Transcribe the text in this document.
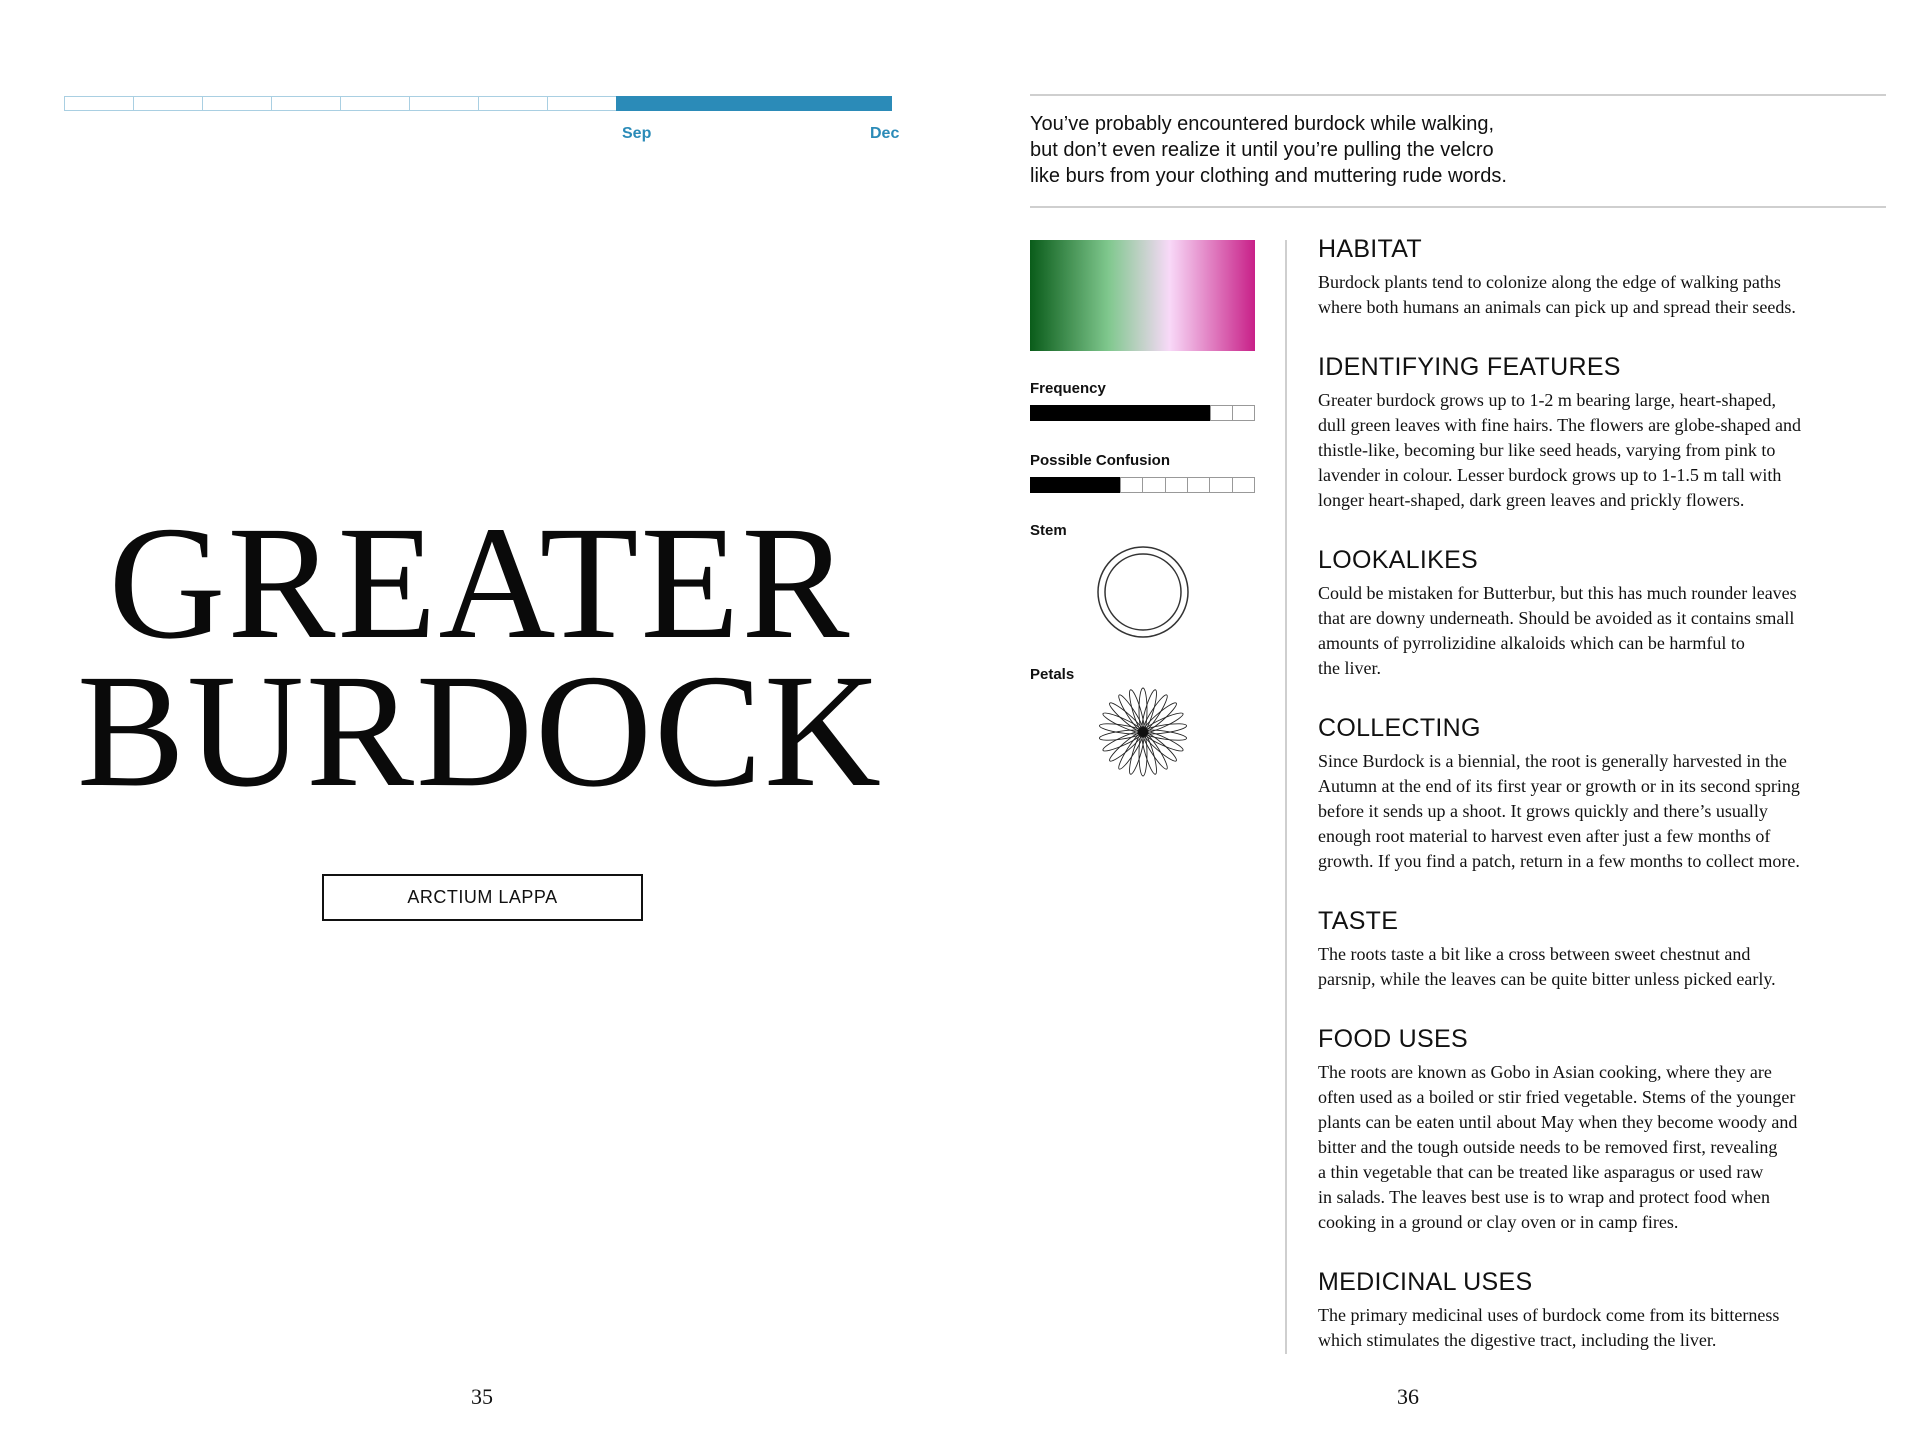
Sep	Dec
GREATER
BURDOCK
ARCTIUM LAPPA
35
You’ve probably encountered burdock while walking,
but don’t even realize it until you’re pulling the velcro
like burs from your clothing and muttering rude words.
Frequency
Possible Confusion
Stem
Petals
HABITAT

Burdock plants tend to colonize along the edge of walking paths
where both humans an animals can pick up and spread their seeds.

IDENTIFYING FEATURES

Greater burdock grows up to 1-2 m bearing large, heart-shaped,
dull green leaves with fine hairs. The flowers are globe-shaped and
thistle-like, becoming bur like seed heads, varying from pink to
lavender in colour. Lesser burdock grows up to 1-1.5 m tall with
longer heart-shaped, dark green leaves and prickly flowers.

LOOKALIKES

Could be mistaken for Butterbur, but this has much rounder leaves
that are downy underneath. Should be avoided as it contains small
amounts of pyrrolizidine alkaloids which can be harmful to
the liver.

COLLECTING

Since Burdock is a biennial, the root is generally harvested in the
Autumn at the end of its first year or growth or in its second spring
before it sends up a shoot. It grows quickly and there’s usually
enough root material to harvest even after just a few months of
growth. If you find a patch, return in a few months to collect more.

TASTE

The roots taste a bit like a cross between sweet chestnut and
parsnip, while the leaves can be quite bitter unless picked early.

FOOD USES

The roots are known as Gobo in Asian cooking, where they are
often used as a boiled or stir fried vegetable. Stems of the younger
plants can be eaten until about May when they become woody and
bitter and the tough outside needs to be removed first, revealing
a thin vegetable that can be treated like asparagus or used raw
in salads. The leaves best use is to wrap and protect food when
cooking in a ground or clay oven or in camp fires.

MEDICINAL USES

The primary medicinal uses of burdock come from its bitterness
which stimulates the digestive tract, including the liver.

36
